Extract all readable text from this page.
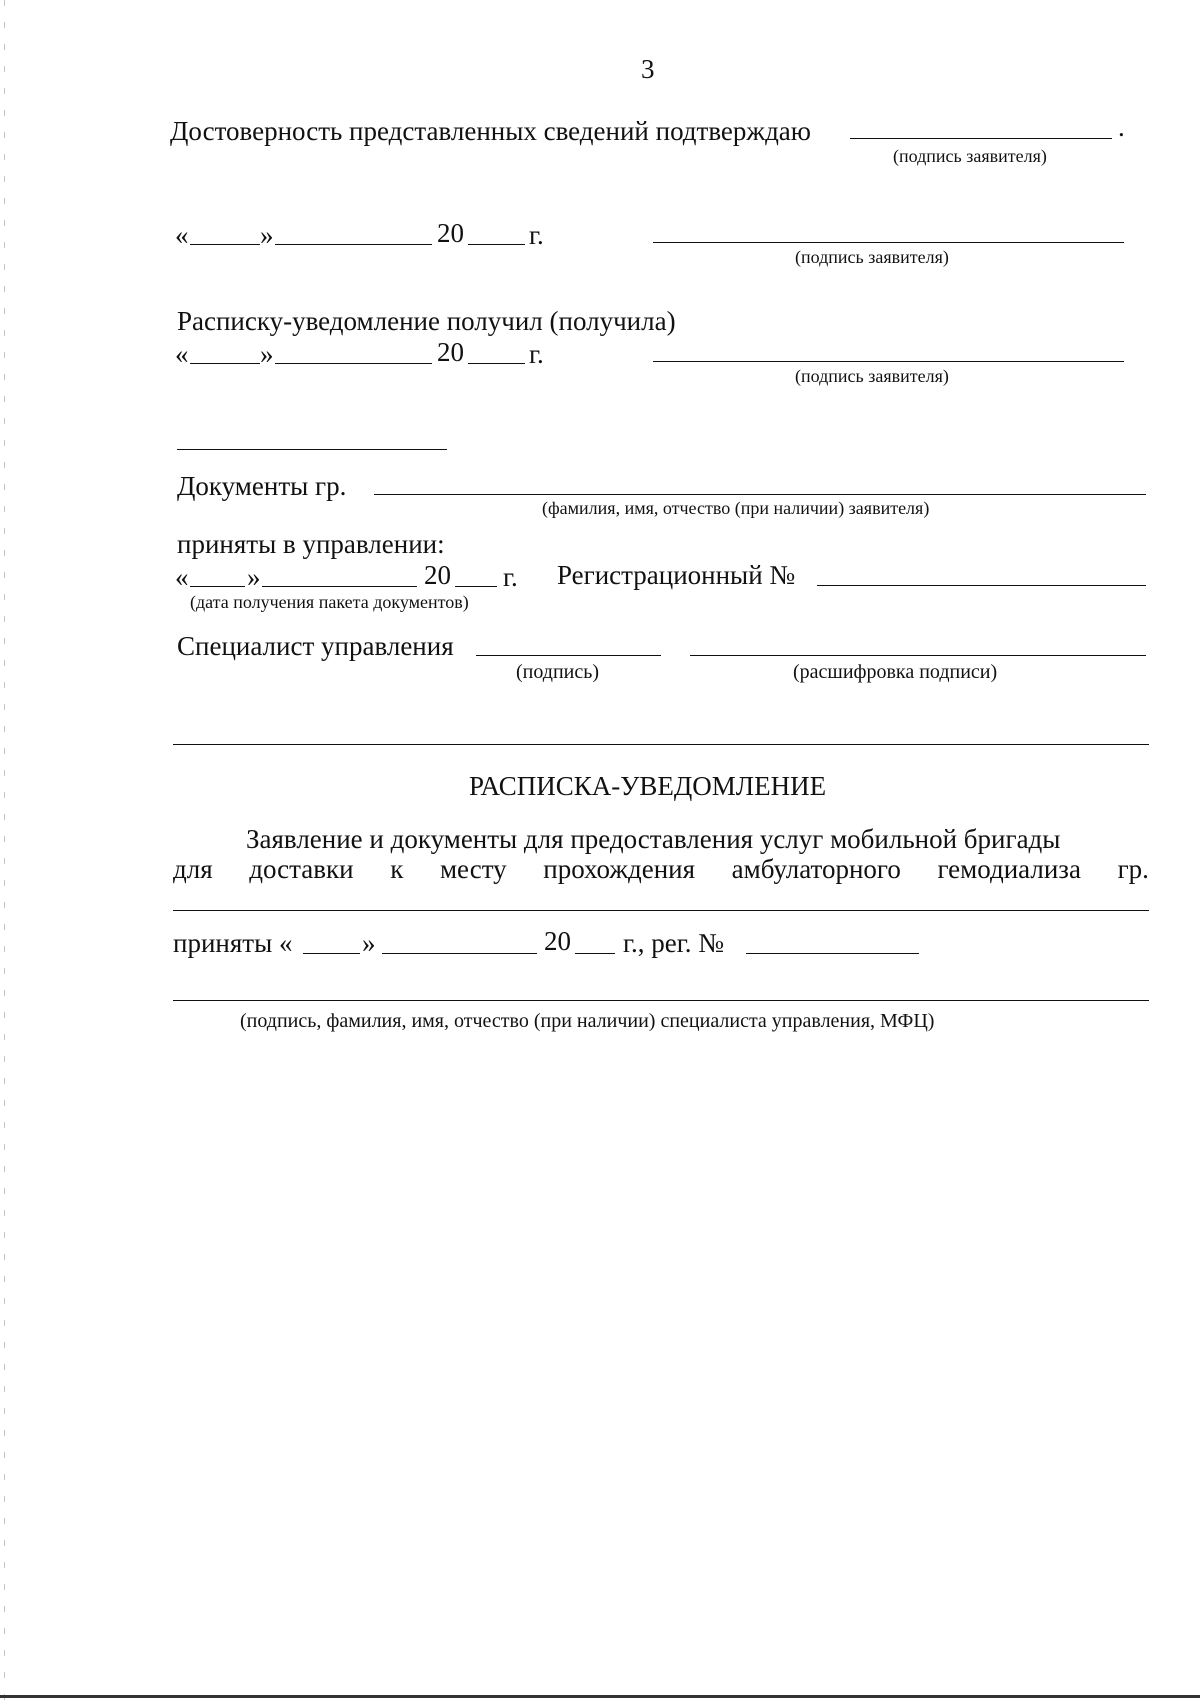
3
Достоверность представленных сведений подтверждаю	.
(подпись заявителя)
«	»	20 г.
(подпись заявителя)
Расписку-уведомление получил (получила)
«	»	20 г.
(подпись заявителя)
Документы гр.
(фамилия, имя, отчество (при наличии) заявителя)
приняты в управлении:
« »	20 г. Регистрационный №
(дата получения пакета документов)
Специалист управления
(подпись)	(расшифровка подписи)
РАСПИСКА-УВЕДОМЛЕНИЕ
Заявление и документы для предоставления услуг мобильной бригады
для доставки к месту прохождения амбулаторного гемодиализа гр.
приняты «	»	20 г., рег. №
(подпись, фамилия, имя, отчество (при наличии) специалиста управления, МФЦ)
